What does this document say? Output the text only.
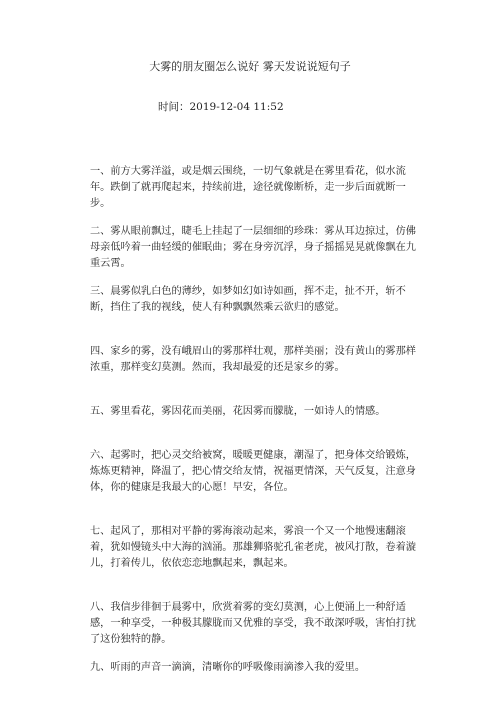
大雾的朋友圈怎么说好 雾天发说说短句子
时间：2019-12-04 11:52

一、前方大雾洋溢，或是烟云围绕，一切气象就是在雾里看花，似水流年。跌倒了就再爬起来，持续前进，途径就像断桥，走一步后面就断一步。

二、雾从眼前飘过，睫毛上挂起了一层细细的珍珠：雾从耳边掠过，仿佛母亲低吟着一曲轻缓的催眠曲；雾在身旁沉浮，身子摇摇晃晃就像飘在九重云霄。

三、晨雾似乳白色的薄纱，如梦如幻如诗如画，挥不走，扯不开，斩不断，挡住了我的视线，使人有种飘飘然乘云欲归的感觉。

四、家乡的雾，没有峨眉山的雾那样壮观，那样美丽；没有黄山的雾那样浓重，那样变幻莫测。然而，我却最爱的还是家乡的雾。

五、雾里看花，雾因花而美丽，花因雾而朦胧，一如诗人的情感。

六、起雾时，把心灵交给被窝，暖暖更健康，潮湿了，把身体交给锻炼，炼炼更精神，降温了，把心情交给友情，祝福更情深，天气反复，注意身体，你的健康是我最大的心愿！早安，各位。

七、起风了，那相对平静的雾海滚动起来，雾浪一个又一个地慢速翻滚着，犹如慢镜头中大海的汹涌。那雄狮骆驼孔雀老虎，被风打散，卷着漩儿，打着传儿，依依恋恋地飘起来，飘起来。

八、我信步徘徊于晨雾中，欣赏着雾的变幻莫测，心上便涌上一种舒适感，一种享受，一种极其朦胧而又优雅的享受，我不敢深呼吸，害怕打扰了这份独特的静。

九、听雨的声音一滴滴，清晰你的呼吸像雨滴渗入我的爱里。
